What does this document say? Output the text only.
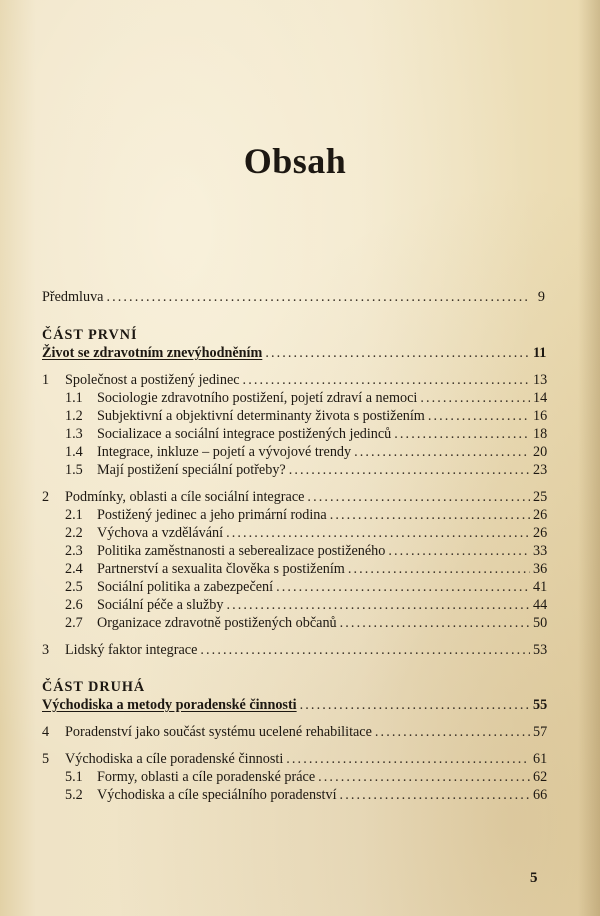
Obsah
Předmluva .....	9
ČÁST PRVNÍ
Život se zdravotním znevýhodněním .....	11
1 Společnost a postižený jedinec .....	13
1.1 Sociologie zdravotního postižení, pojetí zdraví a nemoci .....	14
1.2 Subjektivní a objektivní determinanty života s postižením .....	16
1.3 Socializace a sociální integrace postižených jedinců .....	18
1.4 Integrace, inkluze – pojetí a vývojové trendy .....	20
1.5 Mají postižení speciální potřeby? .....	23
2 Podmínky, oblasti a cíle sociální integrace .....	25
2.1 Postižený jedinec a jeho primární rodina .....	26
2.2 Výchova a vzdělávání .....	26
2.3 Politika zaměstnanosti a seberealizace postiženého .....	33
2.4 Partnerství a sexualita člověka s postižením .....	36
2.5 Sociální politika a zabezpečení .....	41
2.6 Sociální péče a služby .....	44
2.7 Organizace zdravotně postižených občanů .....	50
3 Lidský faktor integrace .....	53
ČÁST DRUHÁ
Východiska a metody poradenské činnosti .....	55
4 Poradenství jako součást systému ucelené rehabilitace .....	57
5 Východiska a cíle poradenské činnosti .....	61
5.1 Formy, oblasti a cíle poradenské práce .....	62
5.2 Východiska a cíle speciálního poradenství .....	66
5
